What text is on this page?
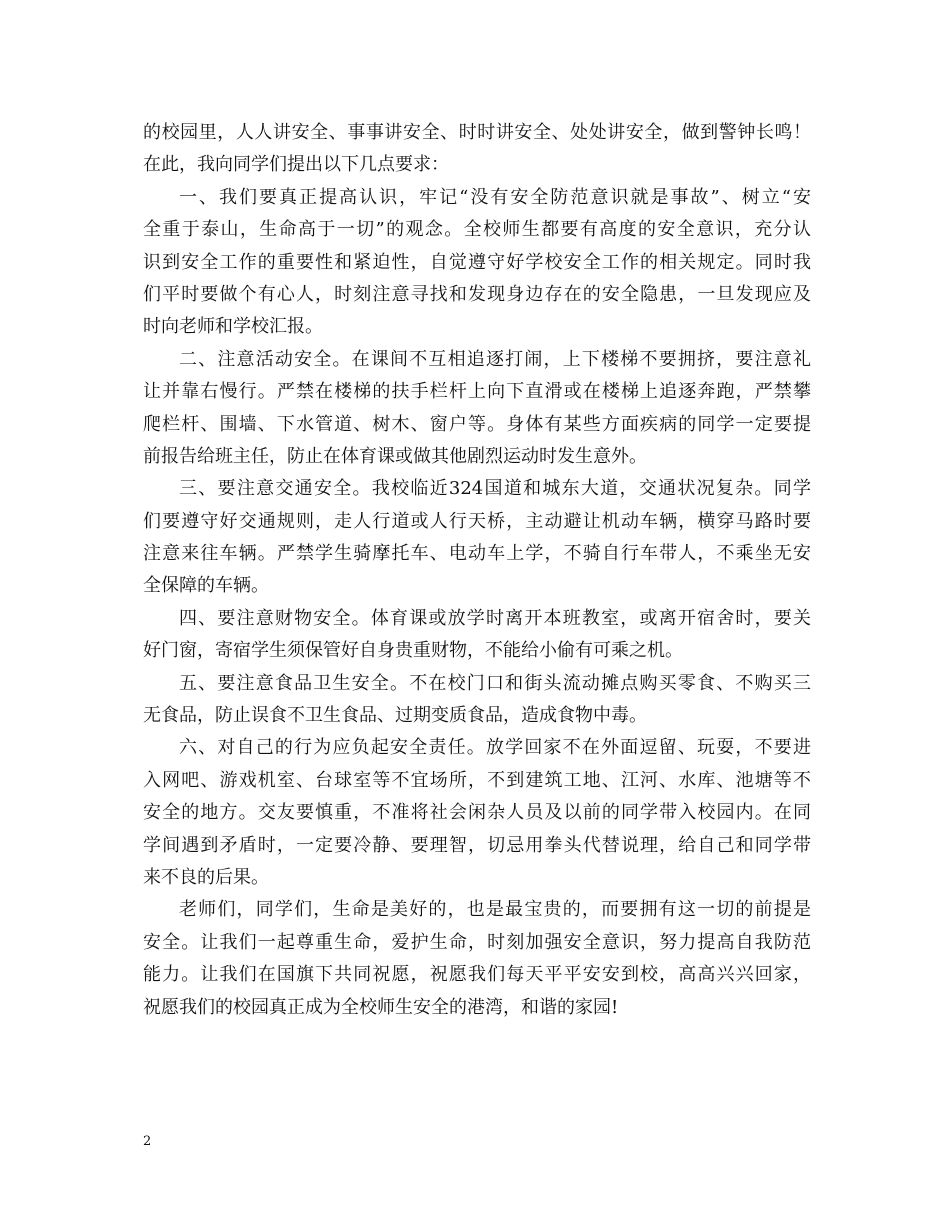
的校园里，人人讲安全、事事讲安全、时时讲安全、处处讲安全，做到警钟长鸣！
在此，我向同学们提出以下几点要求：
一、我们要真正提高认识，牢记“没有安全防范意识就是事故”、树立“安
全重于泰山，生命高于一切”的观念。全校师生都要有高度的安全意识，充分认
识到安全工作的重要性和紧迫性，自觉遵守好学校安全工作的相关规定。同时我
们平时要做个有心人，时刻注意寻找和发现身边存在的安全隐患，一旦发现应及
时向老师和学校汇报。
二、注意活动安全。在课间不互相追逐打闹，上下楼梯不要拥挤，要注意礼
让并靠右慢行。严禁在楼梯的扶手栏杆上向下直滑或在楼梯上追逐奔跑，严禁攀
爬栏杆、围墙、下水管道、树木、窗户等。身体有某些方面疾病的同学一定要提
前报告给班主任，防止在体育课或做其他剧烈运动时发生意外。
三、要注意交通安全。我校临近324国道和城东大道，交通状况复杂。同学
们要遵守好交通规则，走人行道或人行天桥，主动避让机动车辆，横穿马路时要
注意来往车辆。严禁学生骑摩托车、电动车上学，不骑自行车带人，不乘坐无安
全保障的车辆。
四、要注意财物安全。体育课或放学时离开本班教室，或离开宿舍时，要关
好门窗，寄宿学生须保管好自身贵重财物，不能给小偷有可乘之机。
五、要注意食品卫生安全。不在校门口和街头流动摊点购买零食、不购买三
无食品，防止误食不卫生食品、过期变质食品，造成食物中毒。
六、对自己的行为应负起安全责任。放学回家不在外面逗留、玩耍，不要进
入网吧、游戏机室、台球室等不宜场所，不到建筑工地、江河、水库、池塘等不
安全的地方。交友要慎重，不准将社会闲杂人员及以前的同学带入校园内。在同
学间遇到矛盾时，一定要冷静、要理智，切忌用拳头代替说理，给自己和同学带
来不良的后果。
老师们，同学们，生命是美好的，也是最宝贵的，而要拥有这一切的前提是
安全。让我们一起尊重生命，爱护生命，时刻加强安全意识，努力提高自我防范
能力。让我们在国旗下共同祝愿，祝愿我们每天平平安安到校，高高兴兴回家，
祝愿我们的校园真正成为全校师生安全的港湾，和谐的家园!
2
